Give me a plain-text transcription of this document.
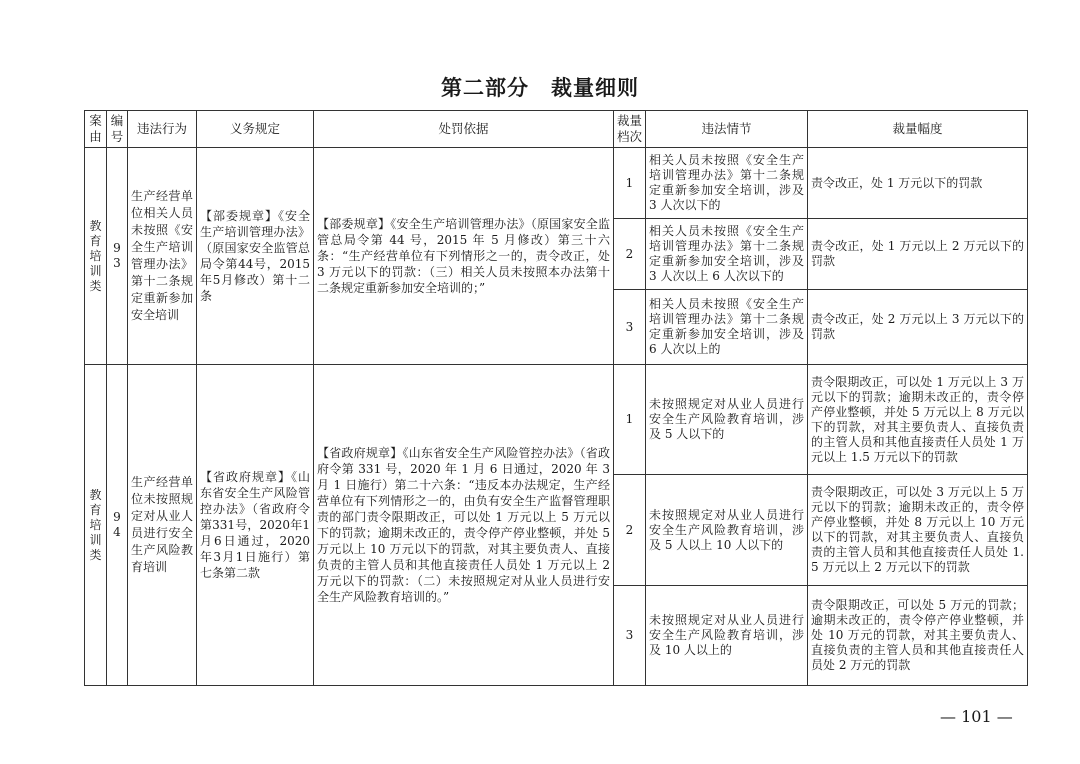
第二部分　裁量细则
案由	编号	违法行为	义务规定	处罚依据	裁量档次	违法情节	裁量幅度
教育培训类	93	生产经营单位相关人员未按照《安全生产培训管理办法》第十二条规定重新参加安全培训	【部委规章】《安全生产培训管理办法》（原国家安全监管总局令第44号，2015年5月修改）第十二条	【部委规章】《安全生产培训管理办法》（原国家安全监管总局令第 44 号，2015 年 5 月修改）第三十六条：“生产经营单位有下列情形之一的，责令改正，处 3 万元以下的罚款：（三）相关人员未按照本办法第十二条规定重新参加安全培训的；”	1	相关人员未按照《安全生产培训管理办法》第十二条规定重新参加安全培训，涉及 3 人次以下的	责令改正，处 1 万元以下的罚款
					2	相关人员未按照《安全生产培训管理办法》第十二条规定重新参加安全培训，涉及 3 人次以上 6 人次以下的	责令改正，处 1 万元以上 2 万元以下的罚款
					3	相关人员未按照《安全生产培训管理办法》第十二条规定重新参加安全培训，涉及 6 人次以上的	责令改正，处 2 万元以上 3 万元以下的罚款
教育培训类	94	生产经营单位未按照规定对从业人员进行安全生产风险教育培训	【省政府规章】《山东省安全生产风险管控办法》（省政府令第331号，2020年1月6日通过，2020年3月1日施行）第七条第二款	【省政府规章】《山东省安全生产风险管控办法》（省政府令第 331 号，2020 年 1 月 6 日通过，2020 年 3 月 1 日施行）第二十六条：“违反本办法规定，生产经营单位有下列情形之一的，由负有安全生产监督管理职责的部门责令限期改正，可以处 1 万元以上 5 万元以下的罚款；逾期未改正的，责令停产停业整顿，并处 5 万元以上 10 万元以下的罚款，对其主要负责人、直接负责的主管人员和其他直接责任人员处 1 万元以上 2 万元以下的罚款：（二）未按照规定对从业人员进行安全生产风险教育培训的。”	1	未按照规定对从业人员进行安全生产风险教育培训，涉及 5 人以下的	责令限期改正，可以处 1 万元以上 3 万元以下的罚款；逾期未改正的，责令停产停业整顿，并处 5 万元以上 8 万元以下的罚款，对其主要负责人、直接负责的主管人员和其他直接责任人员处 1 万元以上 1.5 万元以下的罚款
					2	未按照规定对从业人员进行安全生产风险教育培训，涉及 5 人以上 10 人以下的	责令限期改正，可以处 3 万元以上 5 万元以下的罚款；逾期未改正的，责令停产停业整顿，并处 8 万元以上 10 万元以下的罚款，对其主要负责人、直接负责的主管人员和其他直接责任人员处 1.5 万元以上 2 万元以下的罚款
					3	未按照规定对从业人员进行安全生产风险教育培训，涉及 10 人以上的	责令限期改正，可以处 5 万元的罚款；逾期未改正的，责令停产停业整顿，并处 10 万元的罚款，对其主要负责人、直接负责的主管人员和其他直接责任人员处 2 万元的罚款
— 101 —
